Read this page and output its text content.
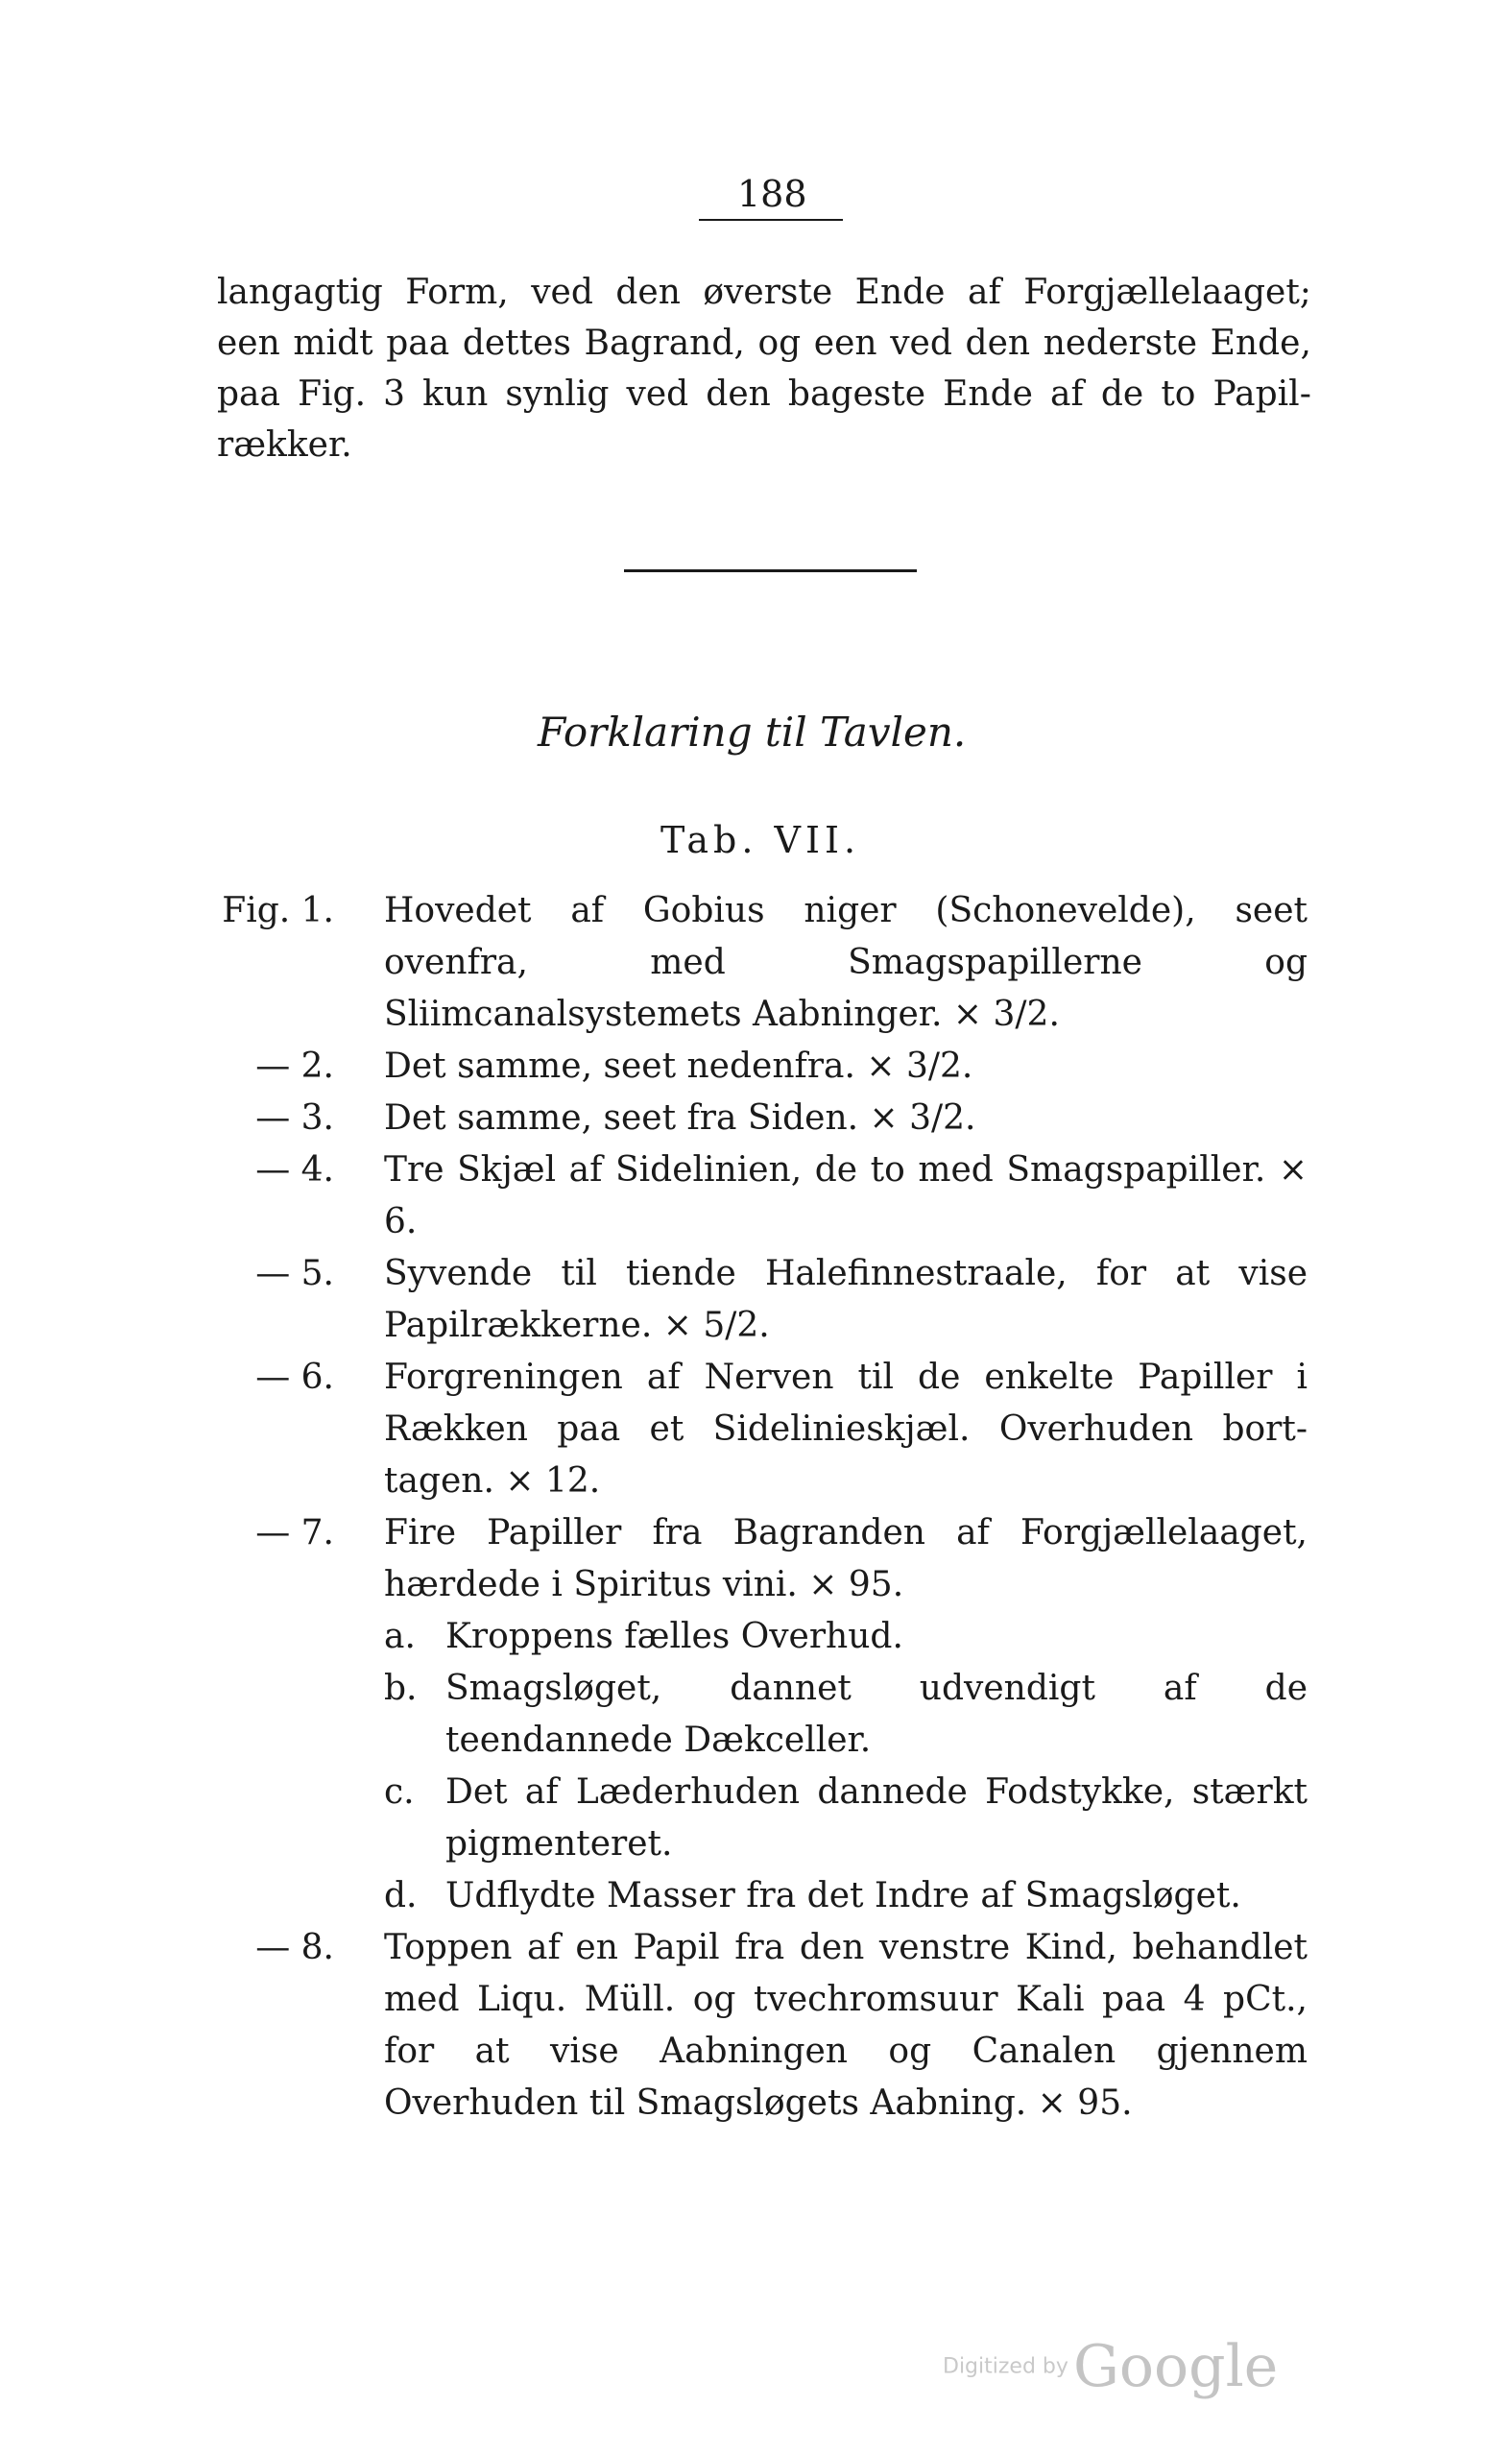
188
langagtig Form, ved den øverste Ende af Forgjællelaaget;
een midt paa dettes Bagrand, og een ved den nederste Ende,
paa Fig. 3 kun synlig ved den bageste Ende af de to Papil-
rækker.
Forklaring til Tavlen.
Tab. VII.
Fig. 1. Hovedet af Gobius niger (Schonevelde), seet ovenfra, med Smagspapillerne og Sliimcanalsystemets Aabninger. × 3/2.
— 2. Det samme, seet nedenfra. × 3/2.
— 3. Det samme, seet fra Siden. × 3/2.
— 4. Tre Skjæl af Sidelinien, de to med Smagspapiller. × 6.
— 5. Syvende til tiende Halefinnestraale, for at vise Papilrækkerne. × 5/2.
— 6. Forgreningen af Nerven til de enkelte Papiller i Rækken paa et Sidelinieskjæl. Overhuden bort-tagen. × 12.
— 7. Fire Papiller fra Bagranden af Forgjællelaaget, hærdede i Spiritus vini. × 95.
a. Kroppens fælles Overhud.
b. Smagsløget, dannet udvendigt af de teendannede Dækceller.
c. Det af Læderhuden dannede Fodstykke, stærkt pigmenteret.
d. Udflydte Masser fra det Indre af Smagsløget.
— 8. Toppen af en Papil fra den venstre Kind, behandlet med Liqu. Müll. og tvechromsuur Kali paa 4 pCt., for at vise Aabningen og Canalen gjennem Overhuden til Smagsløgets Aabning. × 95.
Digitized by Google
